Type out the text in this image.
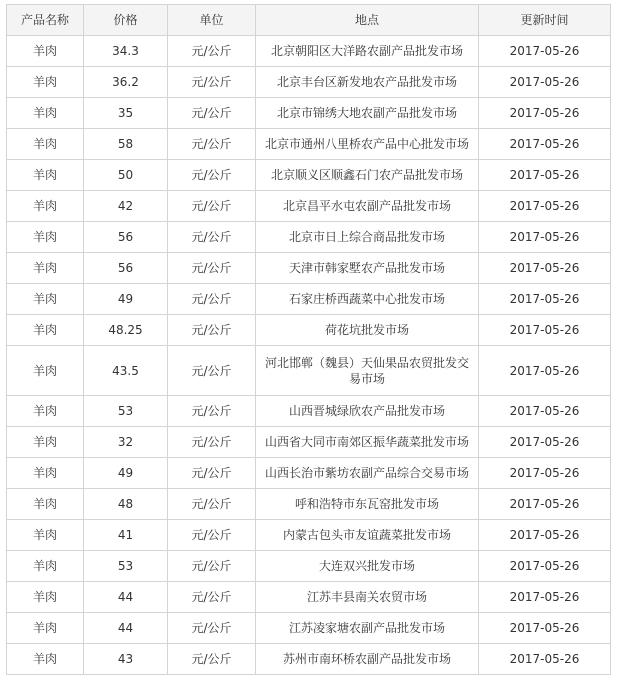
产品名称	价格	单位	地点	更新时间
羊肉	34.3	元/公斤	北京朝阳区大洋路农副产品批发市场	2017-05-26
羊肉	36.2	元/公斤	北京丰台区新发地农产品批发市场	2017-05-26
羊肉	35	元/公斤	北京市锦绣大地农副产品批发市场	2017-05-26
羊肉	58	元/公斤	北京市通州八里桥农产品中心批发市场	2017-05-26
羊肉	50	元/公斤	北京顺义区顺鑫石门农产品批发市场	2017-05-26
羊肉	42	元/公斤	北京昌平水屯农副产品批发市场	2017-05-26
羊肉	56	元/公斤	北京市日上综合商品批发市场	2017-05-26
羊肉	56	元/公斤	天津市韩家墅农产品批发市场	2017-05-26
羊肉	49	元/公斤	石家庄桥西蔬菜中心批发市场	2017-05-26
羊肉	48.25	元/公斤	荷花坑批发市场	2017-05-26
羊肉	43.5	元/公斤	河北邯郸（魏县）天仙果品农贸批发交易市场	2017-05-26
羊肉	53	元/公斤	山西晋城绿欣农产品批发市场	2017-05-26
羊肉	32	元/公斤	山西省大同市南郊区振华蔬菜批发市场	2017-05-26
羊肉	49	元/公斤	山西长治市紫坊农副产品综合交易市场	2017-05-26
羊肉	48	元/公斤	呼和浩特市东瓦窑批发市场	2017-05-26
羊肉	41	元/公斤	内蒙古包头市友谊蔬菜批发市场	2017-05-26
羊肉	53	元/公斤	大连双兴批发市场	2017-05-26
羊肉	44	元/公斤	江苏丰县南关农贸市场	2017-05-26
羊肉	44	元/公斤	江苏凌家塘农副产品批发市场	2017-05-26
羊肉	43	元/公斤	苏州市南环桥农副产品批发市场	2017-05-26
